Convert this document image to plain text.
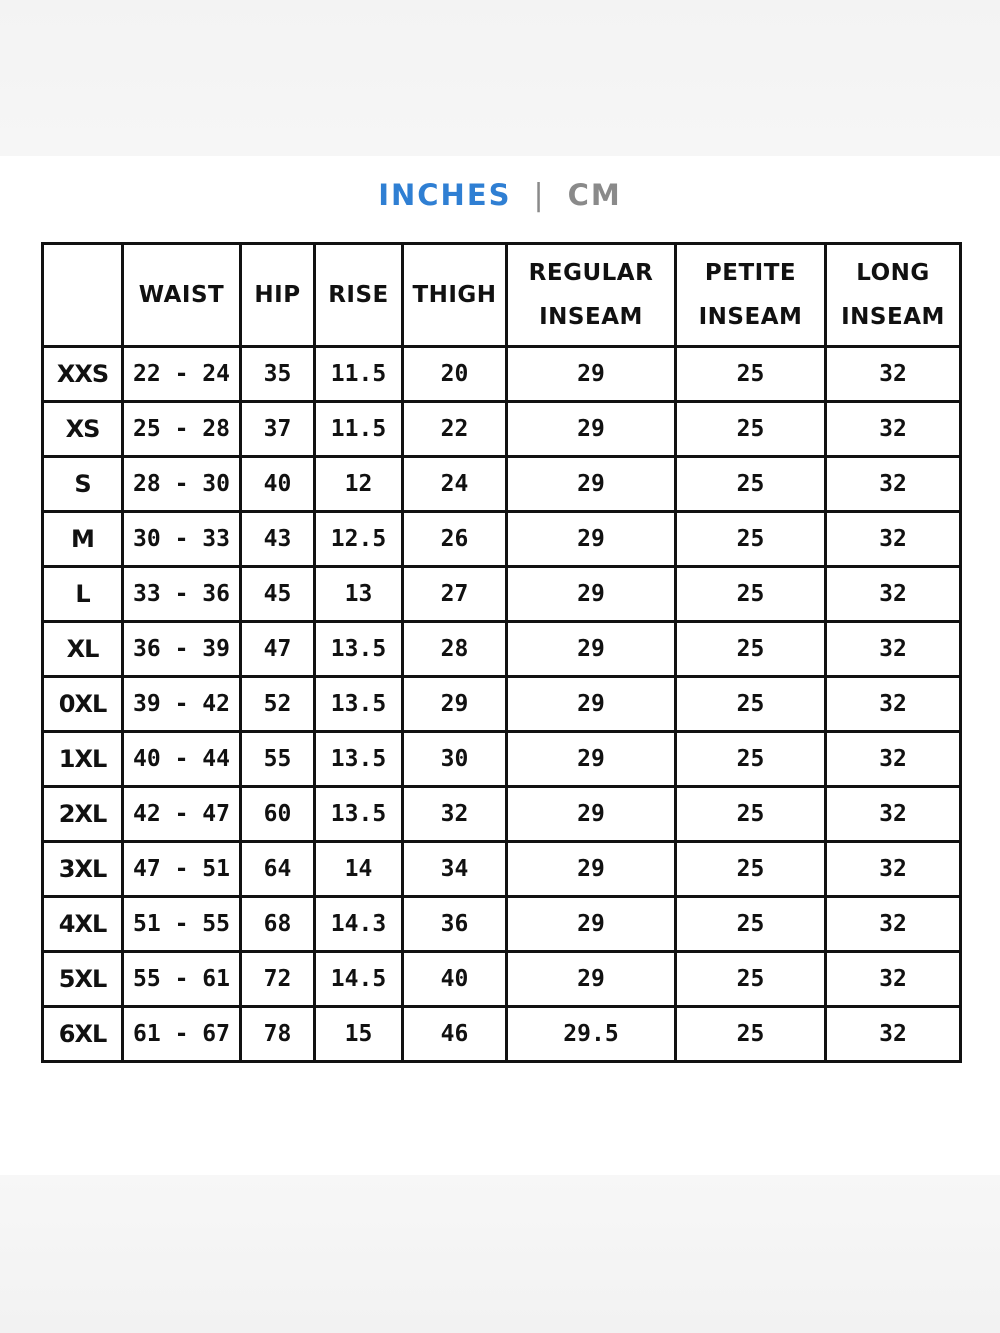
INCHES | CM
	WAIST	HIP	RISE	THIGH	REGULAR INSEAM	PETITE INSEAM	LONG INSEAM
XXS	22 - 24	35	11.5	20	29	25	32
XS	25 - 28	37	11.5	22	29	25	32
S	28 - 30	40	12	24	29	25	32
M	30 - 33	43	12.5	26	29	25	32
L	33 - 36	45	13	27	29	25	32
XL	36 - 39	47	13.5	28	29	25	32
0XL	39 - 42	52	13.5	29	29	25	32
1XL	40 - 44	55	13.5	30	29	25	32
2XL	42 - 47	60	13.5	32	29	25	32
3XL	47 - 51	64	14	34	29	25	32
4XL	51 - 55	68	14.3	36	29	25	32
5XL	55 - 61	72	14.5	40	29	25	32
6XL	61 - 67	78	15	46	29.5	25	32
